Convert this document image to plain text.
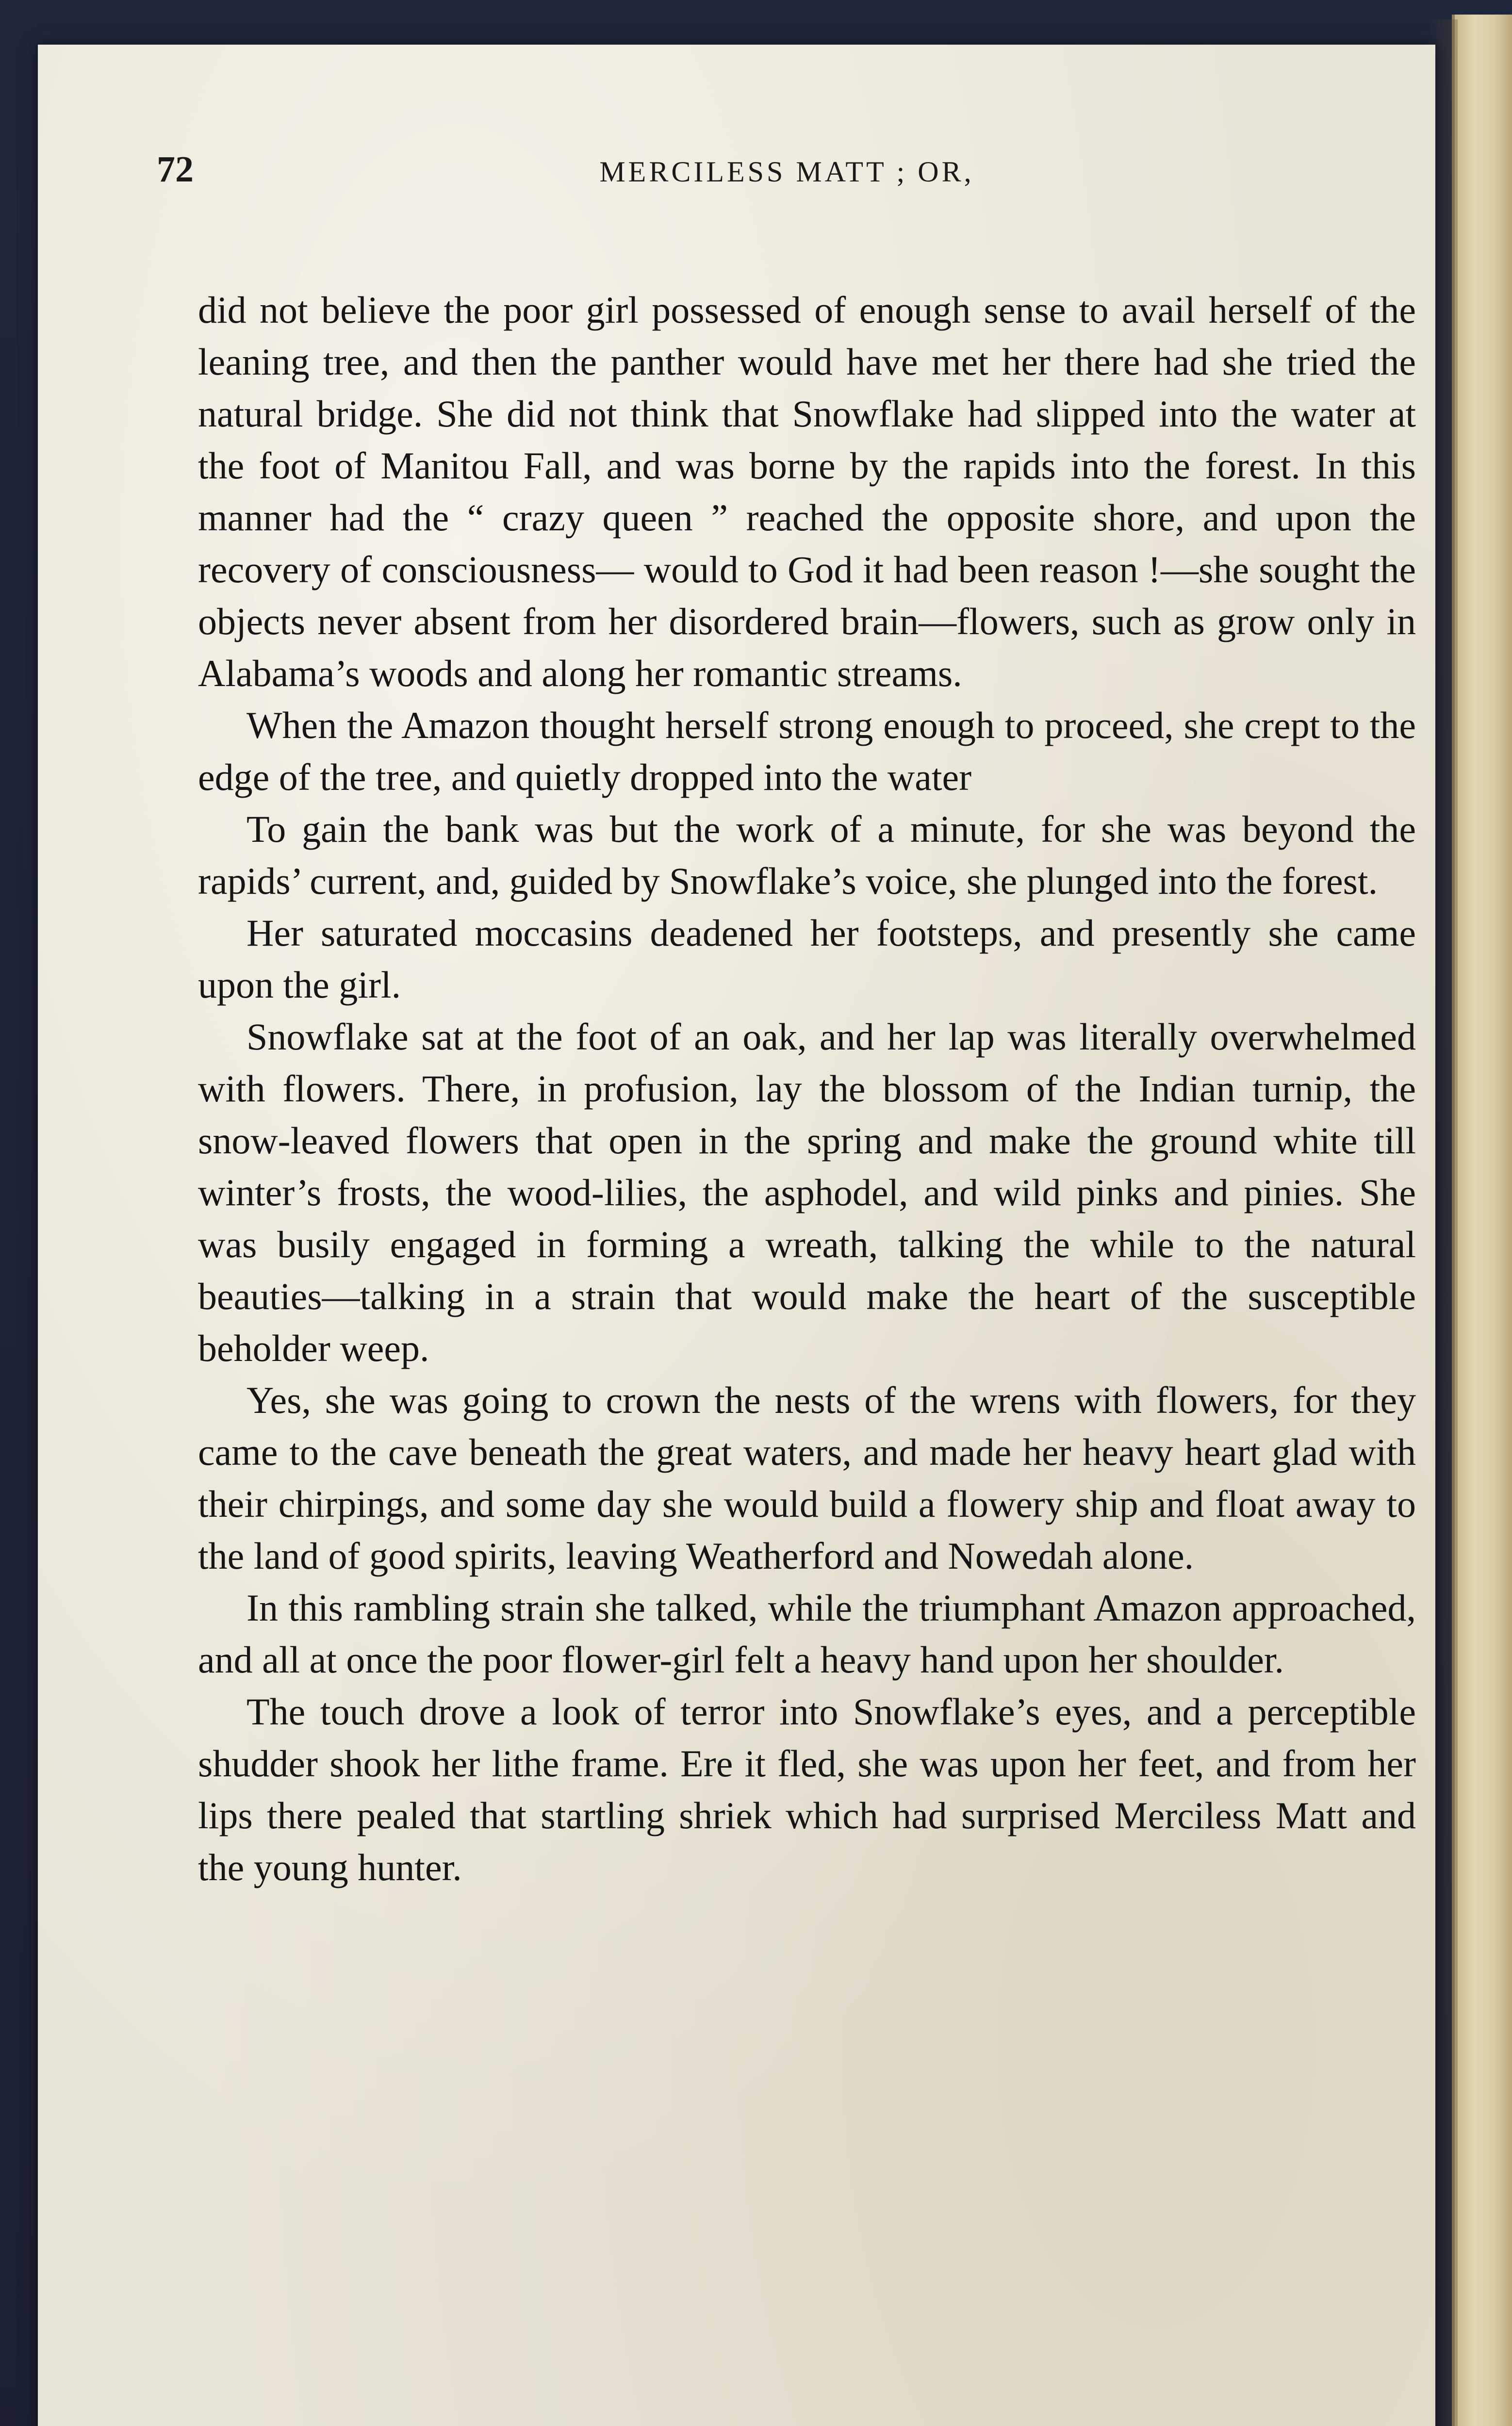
72	MERCILESS MATT ; OR,

did not believe the poor girl possessed of enough sense to avail herself of the leaning tree, and then the panther would have met her there had she tried the natural bridge. She did not think that Snowflake had slipped into the water at the foot of Manitou Fall, and was borne by the rapids into the forest. In this manner had the “ crazy queen ” reached the opposite shore, and upon the recovery of consciousness— would to God it had been reason !—she sought the objects never absent from her disordered brain—flowers, such as grow only in Alabama’s woods and along her romantic streams.

When the Amazon thought herself strong enough to proceed, she crept to the edge of the tree, and quietly dropped into the water

To gain the bank was but the work of a minute, for she was beyond the rapids’ current, and, guided by Snowflake’s voice, she plunged into the forest.

Her saturated moccasins deadened her footsteps, and presently she came upon the girl.

Snowflake sat at the foot of an oak, and her lap was literally overwhelmed with flowers. There, in profusion, lay the blossom of the Indian turnip, the snow-leaved flowers that open in the spring and make the ground white till winter’s frosts, the wood-lilies, the asphodel, and wild pinks and pinies. She was busily engaged in forming a wreath, talking the while to the natural beauties—talking in a strain that would make the heart of the susceptible beholder weep.

Yes, she was going to crown the nests of the wrens with flowers, for they came to the cave beneath the great waters, and made her heavy heart glad with their chirpings, and some day she would build a flowery ship and float away to the land of good spirits, leaving Weatherford and Nowedah alone.

In this rambling strain she talked, while the triumphant Amazon approached, and all at once the poor flower-girl felt a heavy hand upon her shoulder.

The touch drove a look of terror into Snowflake’s eyes, and a perceptible shudder shook her lithe frame. Ere it fled, she was upon her feet, and from her lips there pealed that startling shriek which had surprised Merciless Matt and the young hunter.
